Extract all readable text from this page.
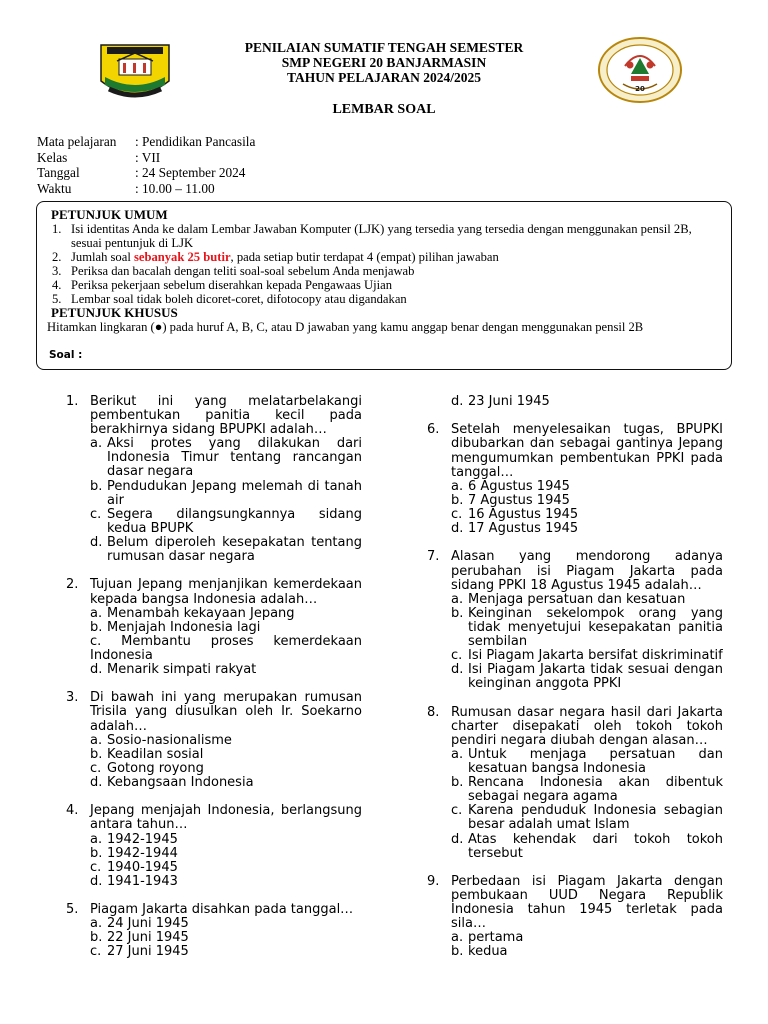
20
PENILAIAN SUMATIF TENGAH SEMESTER
SMP NEGERI 20 BANJARMASIN
TAHUN PELAJARAN 2024/2025
LEMBAR SOAL
Mata pelajaran	: Pendidikan Pancasila
Kelas	: VII
Tanggal	: 24 September 2024
Waktu	: 10.00 – 11.00
PETUNJUK UMUM
1. Isi identitas Anda ke dalam Lembar Jawaban Komputer (LJK) yang tersedia yang tersedia dengan menggunakan pensil 2B, sesuai pentunjuk di LJK
2. Jumlah soal sebanyak 25 butir, pada setiap butir terdapat 4 (empat) pilihan jawaban
3. Periksa dan bacalah dengan teliti soal-soal sebelum Anda menjawab
4. Periksa pekerjaan sebelum diserahkan kepada Pengawaas Ujian
5. Lembar soal tidak boleh dicoret-coret, difotocopy atau digandakan
PETUNJUK KHUSUS
Hitamkan lingkaran (●) pada huruf A, B, C, atau D jawaban yang kamu anggap benar dengan menggunakan pensil 2B
Soal :
1. Berikut ini yang melatarbelakangi pembentukan panitia kecil pada berakhirnya sidang BPUPKI adalah…
a. Aksi protes yang dilakukan dari Indonesia Timur tentang rancangan dasar negara
b. Pendudukan Jepang melemah di tanah air
c. Segera dilangsungkannya sidang kedua BPUPK
d. Belum diperoleh kesepakatan tentang rumusan dasar negara
2. Tujuan Jepang menjanjikan kemerdekaan kepada bangsa Indonesia adalah…
a. Menambah kekayaan Jepang
b. Menjajah Indonesia lagi
c. Membantu proses kemerdekaan Indonesia
d. Menarik simpati rakyat
3. Di bawah ini yang merupakan rumusan Trisila yang diusulkan oleh Ir. Soekarno adalah…
a. Sosio-nasionalisme
b. Keadilan sosial
c. Gotong royong
d. Kebangsaan Indonesia
4. Jepang menjajah Indonesia, berlangsung antara tahun…
a. 1942-1945
b. 1942-1944
c. 1940-1945
d. 1941-1943
5. Piagam Jakarta disahkan pada tanggal…
a. 24 Juni 1945
b. 22 Juni 1945
c. 27 Juni 1945
d. 23 Juni 1945
6. Setelah menyelesaikan tugas, BPUPKI dibubarkan dan sebagai gantinya Jepang mengumumkan pembentukan PPKI pada tanggal…
a. 6 Agustus 1945
b. 7 Agustus 1945
c. 16 Agustus 1945
d. 17 Agustus 1945
7. Alasan yang mendorong adanya perubahan isi Piagam Jakarta pada sidang PPKI 18 Agustus 1945 adalah…
a. Menjaga persatuan dan kesatuan
b. Keinginan sekelompok orang yang tidak menyetujui kesepakatan panitia sembilan
c. Isi Piagam Jakarta bersifat diskriminatif
d. Isi Piagam Jakarta tidak sesuai dengan keinginan anggota PPKI
8. Rumusan dasar negara hasil dari Jakarta charter disepakati oleh tokoh tokoh pendiri negara diubah dengan alasan…
a. Untuk menjaga persatuan dan kesatuan bangsa Indonesia
b. Rencana Indonesia akan dibentuk sebagai negara agama
c. Karena penduduk Indonesia sebagian besar adalah umat Islam
d. Atas kehendak dari tokoh tokoh tersebut
9. Perbedaan isi Piagam Jakarta dengan pembukaan UUD Negara Republik Indonesia tahun 1945 terletak pada sila…
a. pertama
b. kedua
